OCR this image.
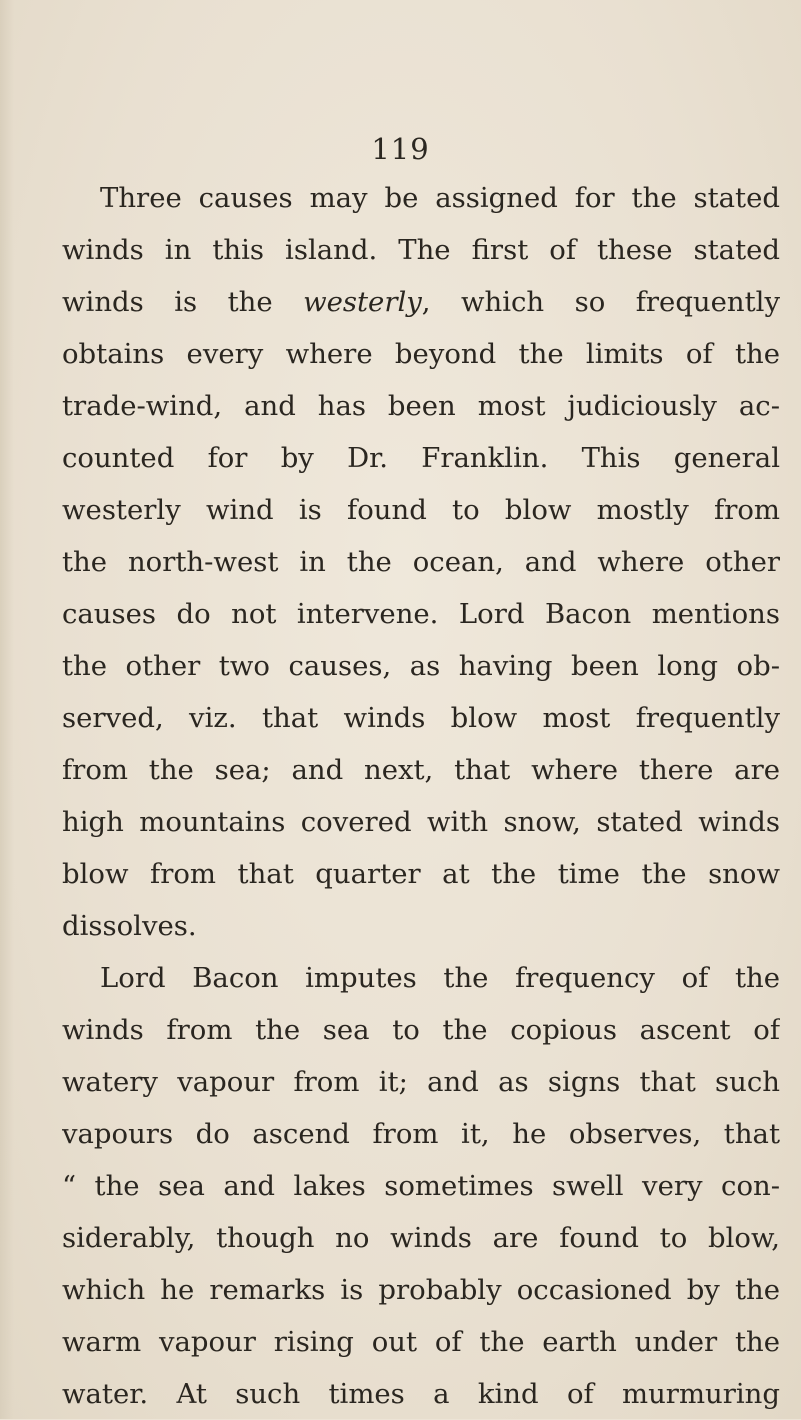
119
Three causes may be assigned for the stated
winds in this island. The first of these stated
winds is the westerly, which so frequently
obtains every where beyond the limits of the
trade-wind, and has been most judiciously ac-
counted for by Dr. Franklin. This general
westerly wind is found to blow mostly from
the north-west in the ocean, and where other
causes do not intervene. Lord Bacon mentions
the other two causes, as having been long ob-
served, viz. that winds blow most frequently
from the sea; and next, that where there are
high mountains covered with snow, stated winds
blow from that quarter at the time the snow
dissolves.
Lord Bacon imputes the frequency of the
winds from the sea to the copious ascent of
watery vapour from it; and as signs that such
vapours do ascend from it, he observes, that
“ the sea and lakes sometimes swell very con-
siderably, though no winds are found to blow,
which he remarks is probably occasioned by the
warm vapour rising out of the earth under the
water. At such times a kind of murmuring
